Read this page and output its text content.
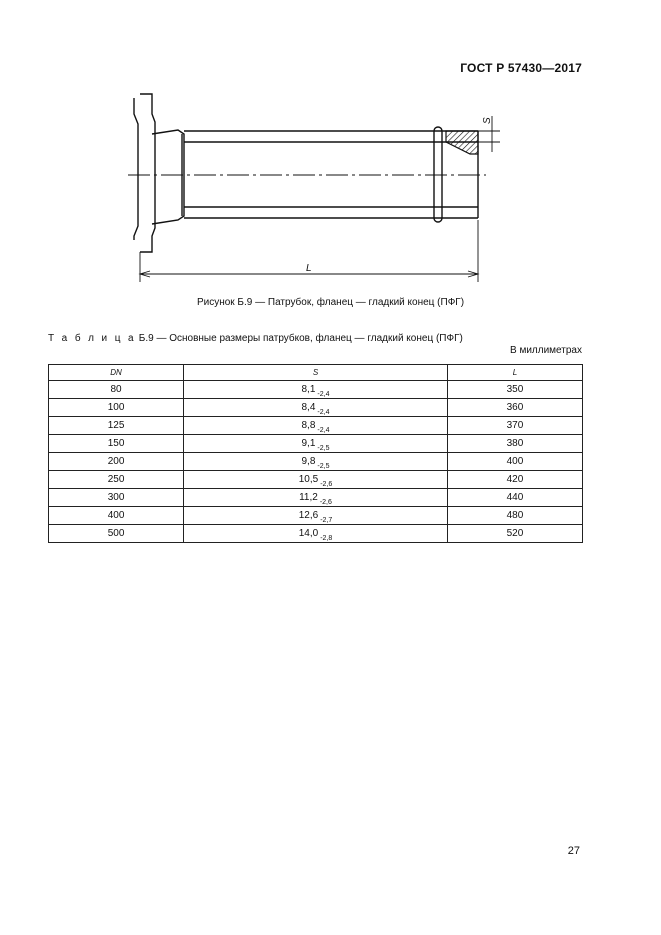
ГОСТ Р 57430—2017
S
L
Рисунок Б.9 — Патрубок, фланец — гладкий конец (ПФГ)
Т а б л и ц а Б.9 — Основные размеры патрубков, фланец — гладкий конец (ПФГ)
В миллиметрах
DN	S	L
80	8,1 $_{-2,4}$	350
100	8,4 $_{-2,4}$	360
125	8,8 $_{-2,4}$	370
150	9,1 $_{-2,5}$	380
200	9,8 $_{-2,5}$	400
250	10,5 $_{-2,6}$	420
300	11,2 $_{-2,6}$	440
400	12,6 $_{-2,7}$	480
500	14,0 $_{-2,8}$	520
27
